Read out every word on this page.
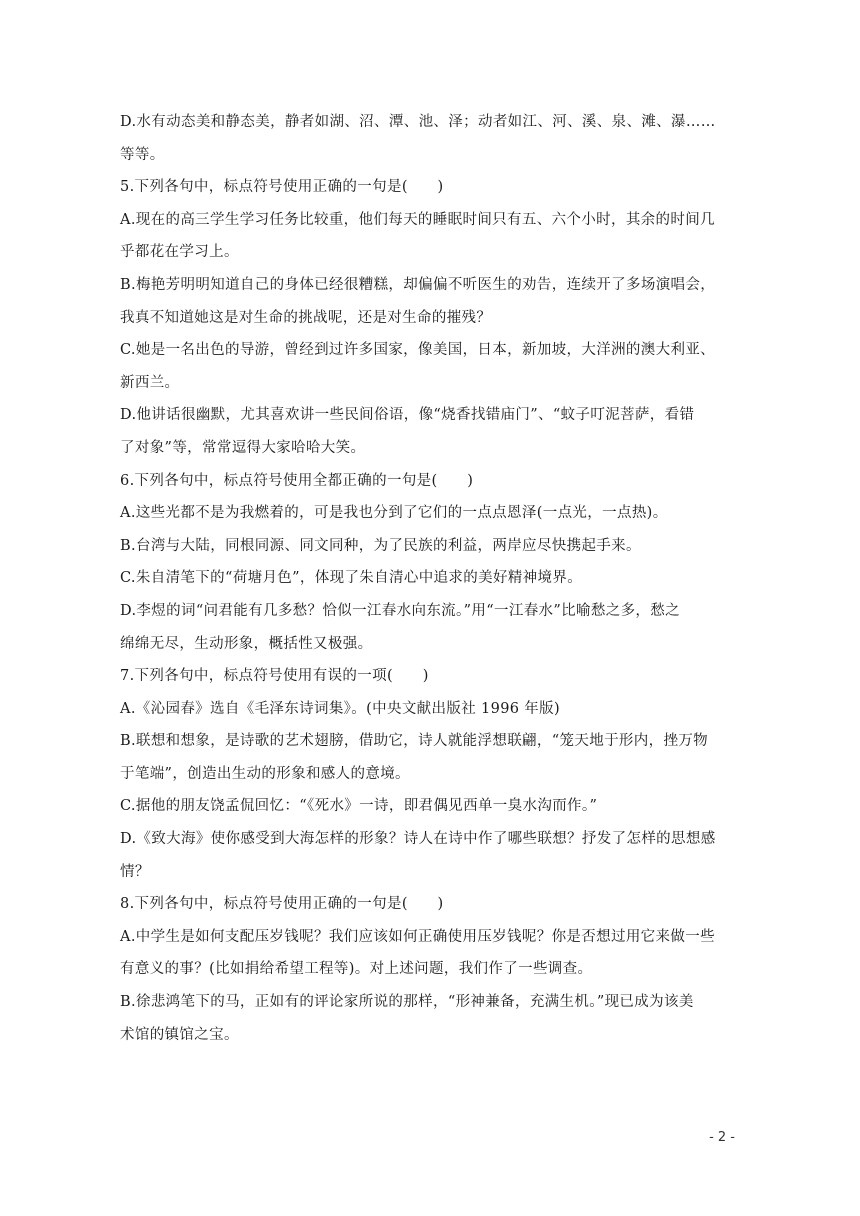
D.水有动态美和静态美，静者如湖、沼、潭、池、泽；动者如江、河、溪、泉、滩、瀑……
等等。
5.下列各句中，标点符号使用正确的一句是(　　)
A.现在的高三学生学习任务比较重，他们每天的睡眠时间只有五、六个小时，其余的时间几
乎都花在学习上。
B.梅艳芳明明知道自己的身体已经很糟糕，却偏偏不听医生的劝告，连续开了多场演唱会，
我真不知道她这是对生命的挑战呢，还是对生命的摧残？
C.她是一名出色的导游，曾经到过许多国家，像美国，日本，新加坡，大洋洲的澳大利亚、
新西兰。
D.他讲话很幽默，尤其喜欢讲一些民间俗语，像“烧香找错庙门”、“蚊子叮泥菩萨，看错
了对象”等，常常逗得大家哈哈大笑。
6.下列各句中，标点符号使用全都正确的一句是(　　)
A.这些光都不是为我燃着的，可是我也分到了它们的一点点恩泽(一点光，一点热)。
B.台湾与大陆，同根同源、同文同种，为了民族的利益，两岸应尽快携起手来。
C.朱自清笔下的“荷塘月色”，体现了朱自清心中追求的美好精神境界。
D.李煜的词“问君能有几多愁？恰似一江春水向东流。”用“一江春水”比喻愁之多，愁之
绵绵无尽，生动形象，概括性又极强。
7.下列各句中，标点符号使用有误的一项(　　)
A.《沁园春》选自《毛泽东诗词集》。(中央文献出版社 1996 年版)
B.联想和想象，是诗歌的艺术翅膀，借助它，诗人就能浮想联翩，“笼天地于形内，挫万物
于笔端”，创造出生动的形象和感人的意境。
C.据他的朋友饶孟侃回忆：“《死水》一诗，即君偶见西单一臭水沟而作。”
D.《致大海》使你感受到大海怎样的形象？诗人在诗中作了哪些联想？抒发了怎样的思想感
情？
8.下列各句中，标点符号使用正确的一句是(　　)
A.中学生是如何支配压岁钱呢？我们应该如何正确使用压岁钱呢？你是否想过用它来做一些
有意义的事？(比如捐给希望工程等)。对上述问题，我们作了一些调查。
B.徐悲鸿笔下的马，正如有的评论家所说的那样，“形神兼备，充满生机。”现已成为该美
术馆的镇馆之宝。
- 2 -
